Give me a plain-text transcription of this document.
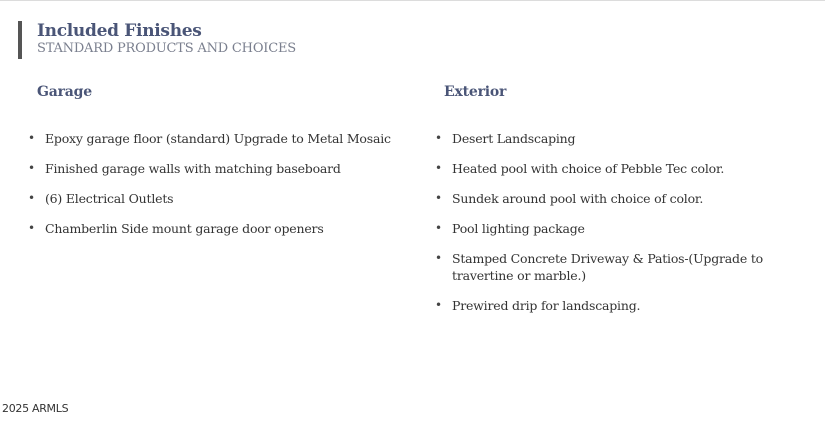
Included Finishes
STANDARD PRODUCTS AND CHOICES
Garage
• Epoxy garage floor (standard) Upgrade to Metal Mosaic
• Finished garage walls with matching baseboard
• (6) Electrical Outlets
• Chamberlin Side mount garage door openers
Exterior
• Desert Landscaping
• Heated pool with choice of Pebble Tec color.
• Sundek around pool with choice of color.
• Pool lighting package
• Stamped Concrete Driveway & Patios-(Upgrade to travertine or marble.)
• Prewired drip for landscaping.
2025 ARMLS
